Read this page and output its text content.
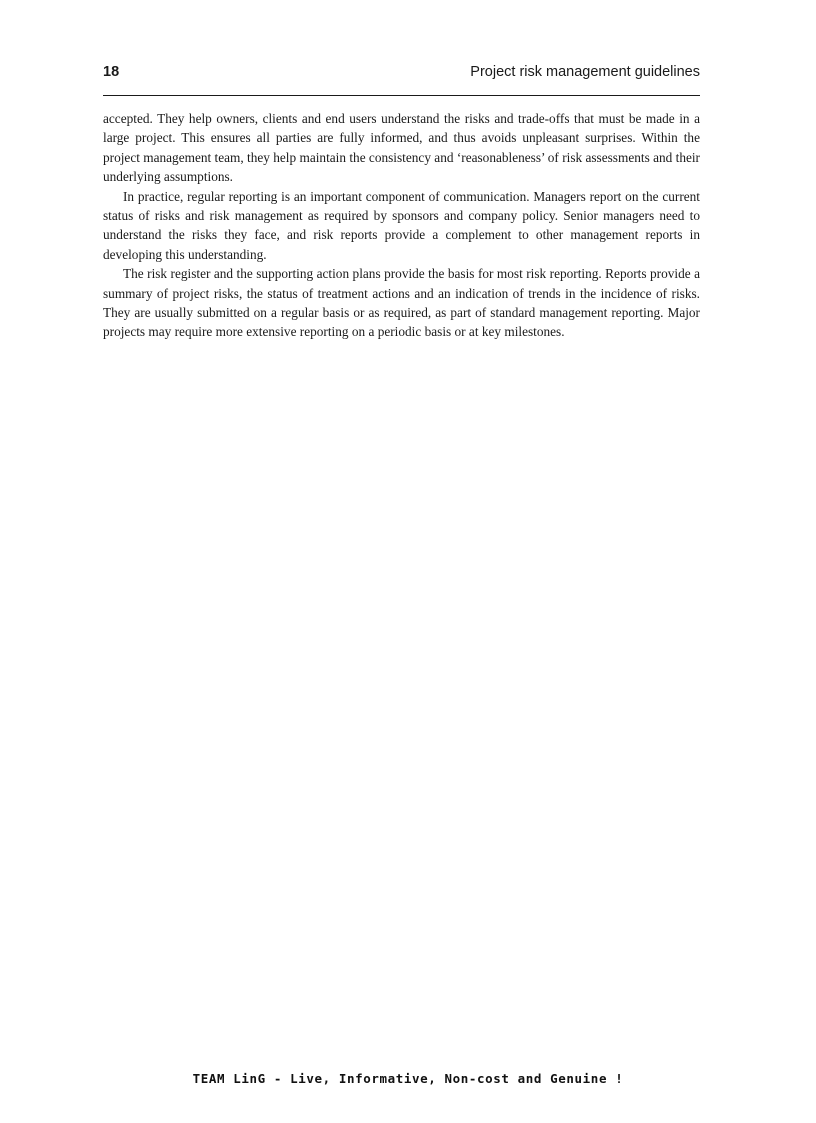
18	Project risk management guidelines

accepted. They help owners, clients and end users understand the risks and trade-offs that must be made in a large project. This ensures all parties are fully informed, and thus avoids unpleasant surprises. Within the project management team, they help maintain the consistency and ‘reasonableness’ of risk assessments and their underlying assumptions.

In practice, regular reporting is an important component of communication. Managers report on the current status of risks and risk management as required by sponsors and company policy. Senior managers need to understand the risks they face, and risk reports provide a complement to other management reports in developing this understanding.

The risk register and the supporting action plans provide the basis for most risk reporting. Reports provide a summary of project risks, the status of treatment actions and an indication of trends in the incidence of risks. They are usually submitted on a regular basis or as required, as part of standard management reporting. Major projects may require more extensive reporting on a periodic basis or at key milestones.

TEAM LinG - Live, Informative, Non-cost and Genuine !
